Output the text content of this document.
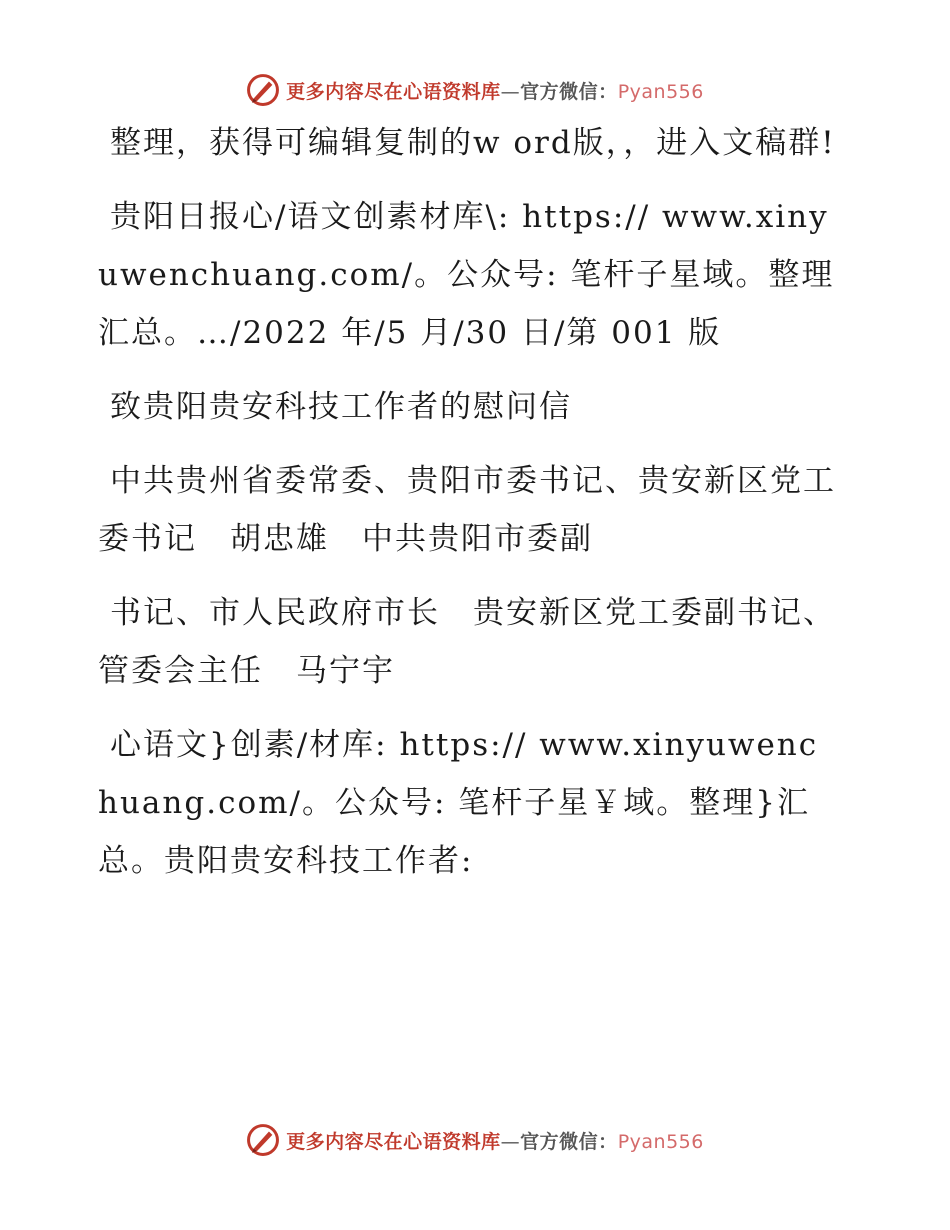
更多内容尽在心语资料库—官方微信：Pyan556

整理，获得可编辑复制的w ord版，，进入文稿群!

贵阳日报心/语文创素材库\: https:// www.xinyuwenchuang.com/。公众号: 笔杆子星域。整理汇总。…/2022 年/5 月/30 日/第 001 版

致贵阳贵安科技工作者的慰问信

中共贵州省委常委、贵阳市委书记、贵安新区党工委书记　胡忠雄　中共贵阳市委副

书记、市人民政府市长　贵安新区党工委副书记、管委会主任　马宁宇

心语文}创素/材库: https:// www.xinyuwenchuang.com/。公众号: 笔杆子星￥域。整理}汇总。贵阳贵安科技工作者:

更多内容尽在心语资料库—官方微信：Pyan556
